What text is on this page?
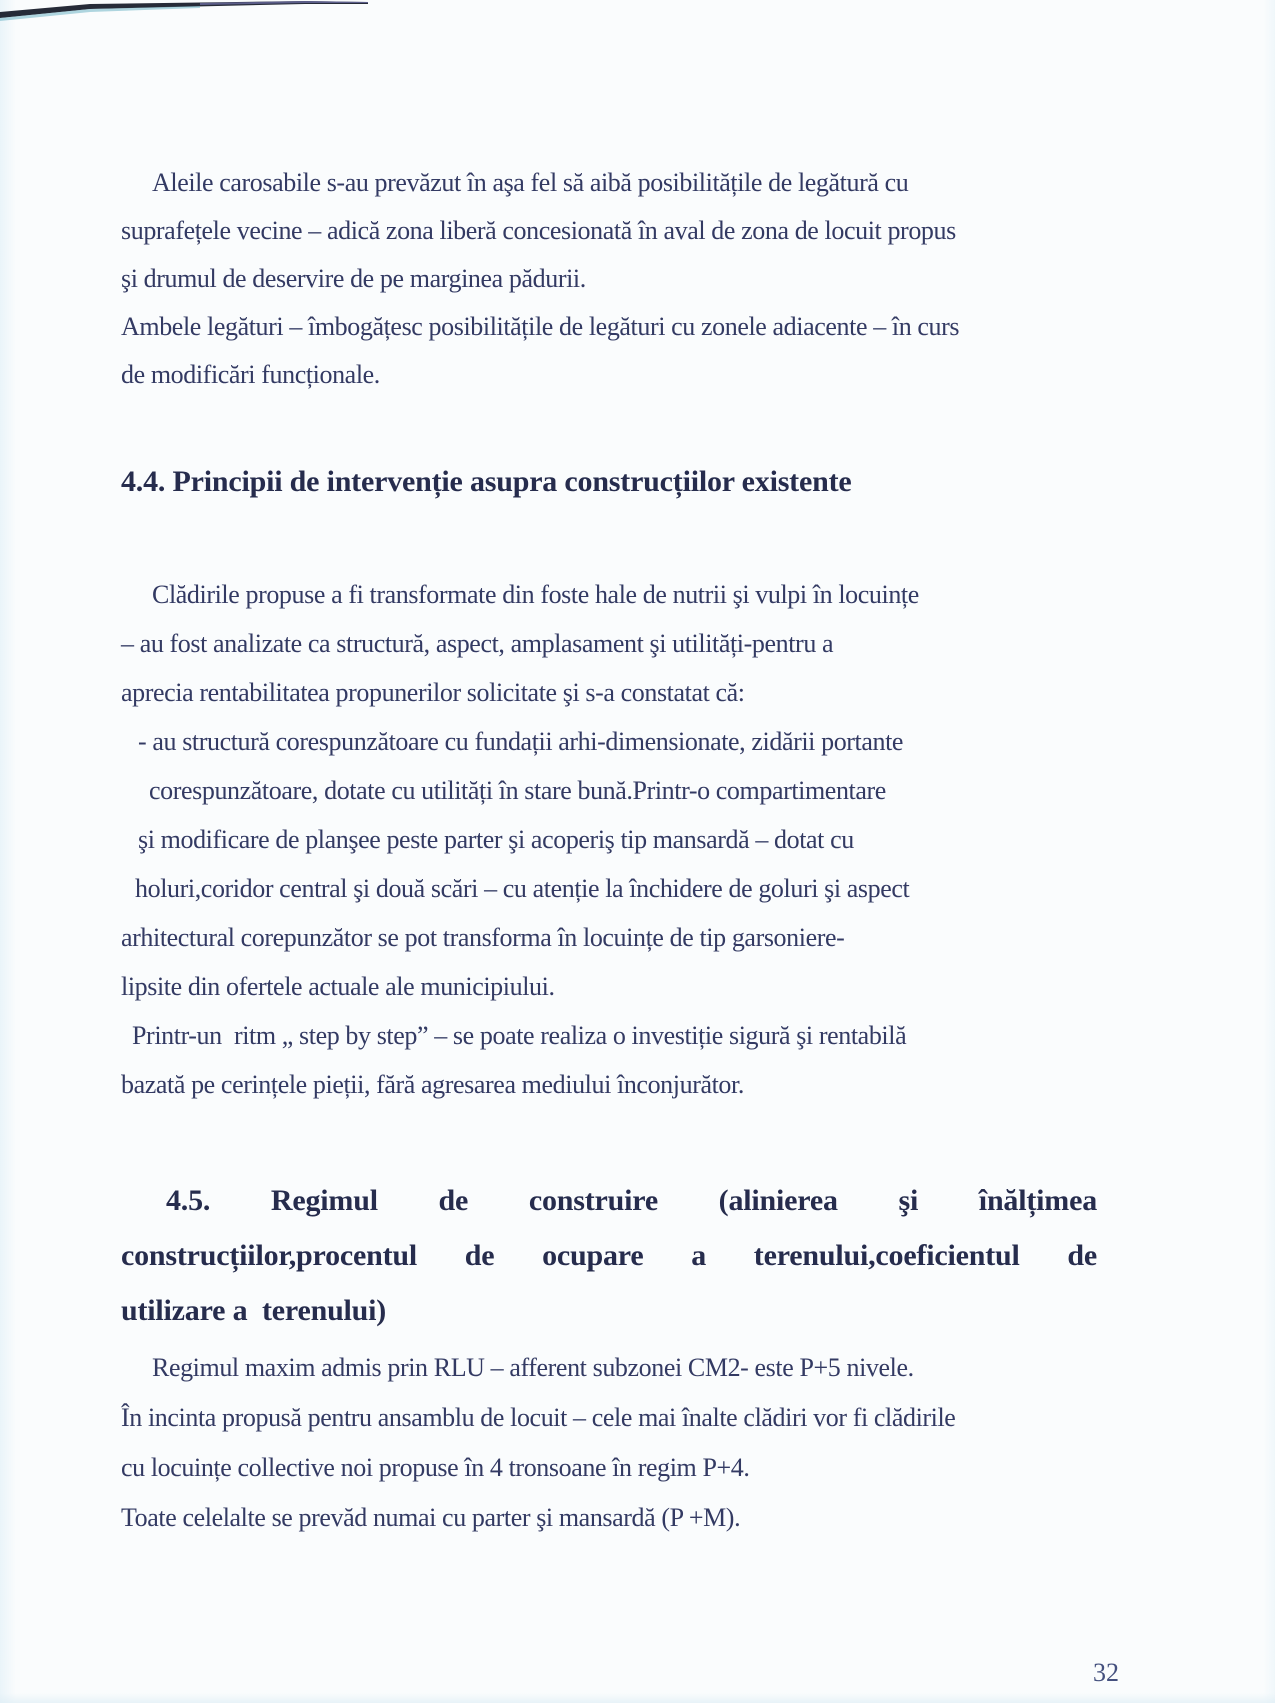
Aleile carosabile s-au prevăzut în aşa fel să aibă posibilitățile de legătură cu
suprafețele vecine – adică zona liberă concesionată în aval de zona de locuit propus
şi drumul de deservire de pe marginea pădurii.
Ambele legături – îmbogățesc posibilitățile de legături cu zonele adiacente – în curs
de modificări funcționale.
4.4. Principii de intervenție asupra construcțiilor existente
Clădirile propuse a fi transformate din foste hale de nutrii şi vulpi în locuințe
– au fost analizate ca structură, aspect, amplasament şi utilități-pentru a
aprecia rentabilitatea propunerilor solicitate şi s-a constatat că:
- au structură corespunzătoare cu fundații arhi-dimensionate, zidării portante
corespunzătoare, dotate cu utilități în stare bună.Printr-o compartimentare
şi modificare de planşee peste parter şi acoperiş tip mansardă – dotat cu
holuri,coridor central şi două scări – cu atenție la închidere de goluri şi aspect
arhitectural corepunzător se pot transforma în locuințe de tip garsoniere-
lipsite din ofertele actuale ale municipiului.
Printr-un  ritm „ step by step” – se poate realiza o investiție sigură şi rentabilă
bazată pe cerințele pieții, fără agresarea mediului înconjurător.
4.5. Regimul de construire (alinierea şi înălțimea
construcțiilor,procentul de ocupare a terenului,coeficientul de
utilizare a  terenului)
Regimul maxim admis prin RLU – afferent subzonei CM2- este P+5 nivele.
În incinta propusă pentru ansamblu de locuit – cele mai înalte clădiri vor fi clădirile
cu locuințe collective noi propuse în 4 tronsoane în regim P+4.
Toate celelalte se prevăd numai cu parter şi mansardă (P +M).
32
